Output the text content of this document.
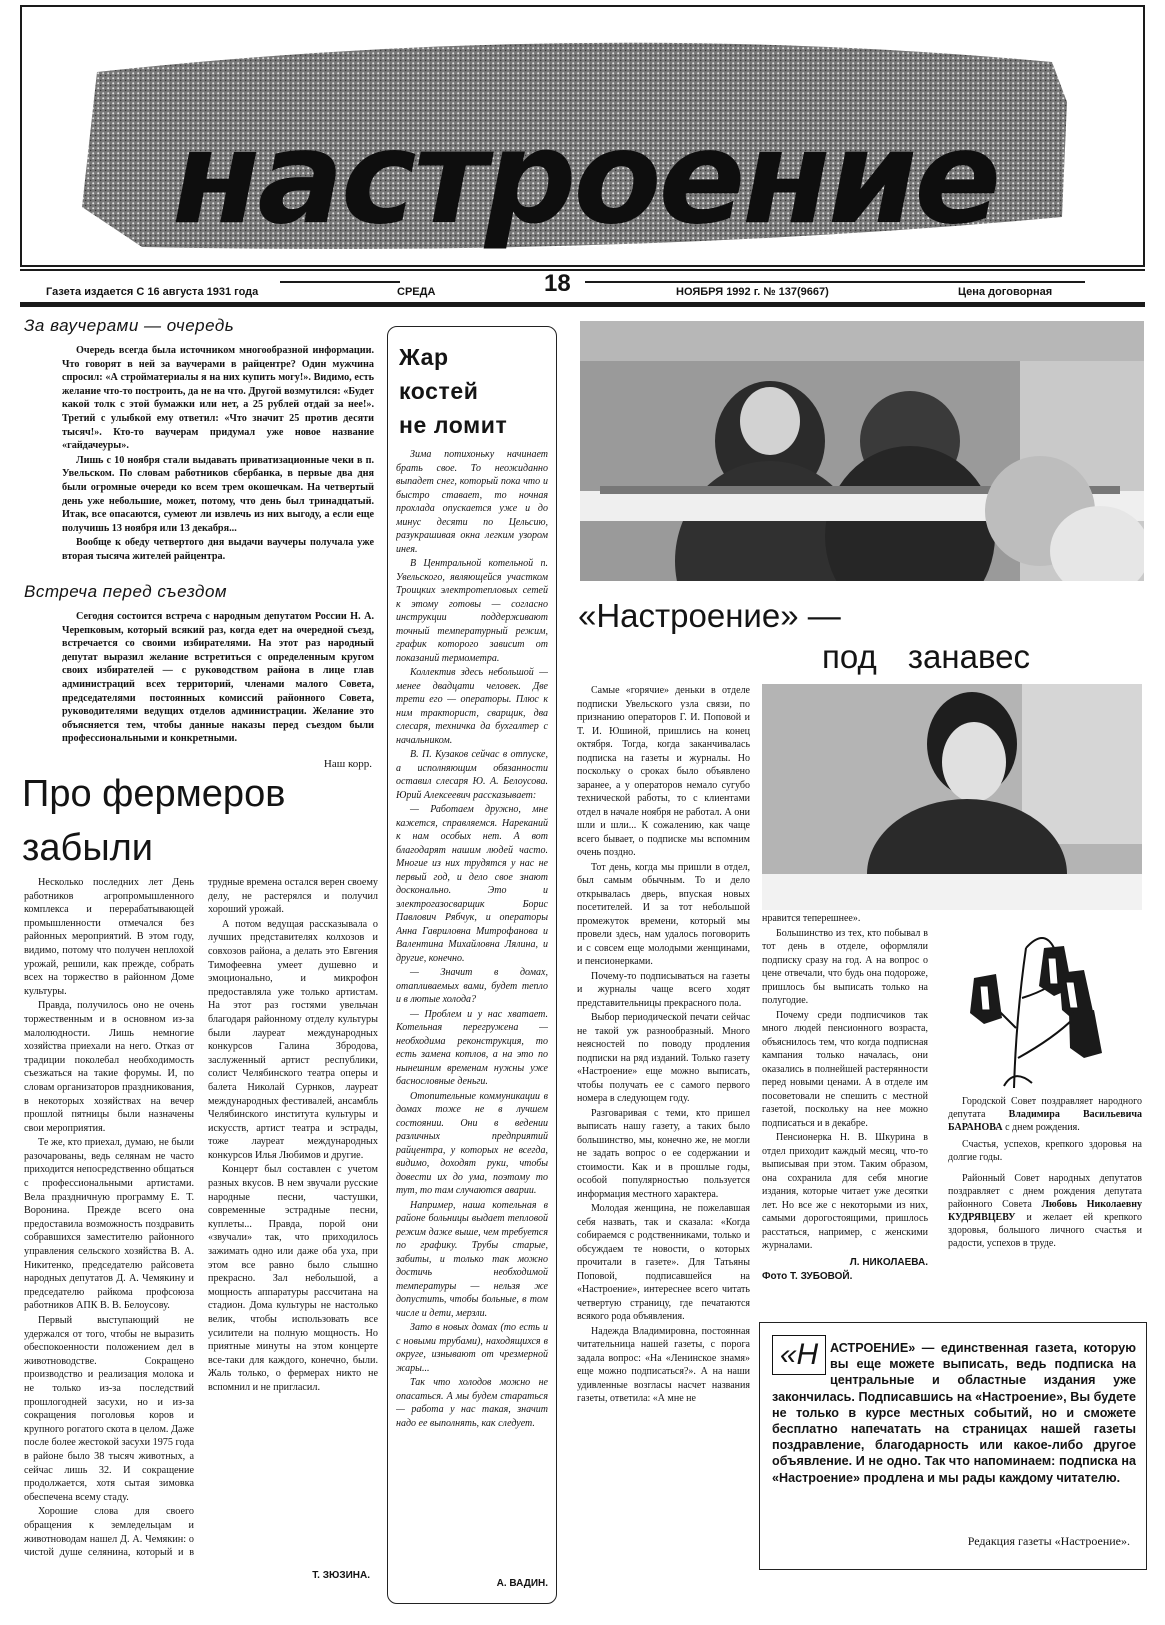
настроение
Газета издается С 16 августа 1931 года	СРЕДА	18	НОЯБРЯ 1992 г. № 137(9667)	Цена договорная
За ваучерами — очередь

Очередь всегда была источником многообразной информации. Что говорят в ней за ваучерами в райцентре? Один мужчина спросил: «А стройматериалы я на них купить могу!». Видимо, есть желание что-то построить, да не на что. Другой возмутился: «Будет какой толк с этой бумажки или нет, а 25 рублей отдай за нее!». Третий с улыбкой ему ответил: «Что значит 25 против десяти тысяч!». Кто-то ваучерам придумал уже новое название «гайдачеуры».

Лишь с 10 ноября стали выдавать приватизационные чеки в п. Увельском. По словам работников сбербанка, в первые два дня были огромные очереди ко всем трем окошечкам. На четвертый день уже небольшие, может, потому, что день был тринадцатый. Итак, все опасаются, сумеют ли извлечь из них выгоду, а если еще получишь 13 ноября или 13 декабря...

Вообще к обеду четвертого дня выдачи ваучеры получала уже вторая тысяча жителей райцентра.

Встреча перед съездом

Сегодня состоится встреча с народным депутатом России Н. А. Черепковым, который всякий раз, когда едет на очередной съезд, встречается со своими избирателями. На этот раз народный депутат выразил желание встретиться с определенным кругом своих избирателей — с руководством района в лице глав администраций всех территорий, членами малого Совета, председателями постоянных комиссий районного Совета, руководителями ведущих отделов администрации. Желание это объясняется тем, чтобы данные наказы перед съездом были профессиональными и конкретными.

Наш корр.
Про фермеров
забыли

Несколько последних лет День работников агропромышленного комплекса и перерабатывающей промышленности отмечался без районных мероприятий. В этом году, видимо, потому что получен неплохой урожай, решили, как прежде, собрать всех на торжество в районном Доме культуры.

Правда, получилось оно не очень торжественным и в основном из-за малолюдности. Лишь немногие хозяйства приехали на него. Отказ от традиции поколебал необходимость съезжаться на такие форумы. И, по словам организаторов праздникования, в некоторых хозяйствах на вечер прошлой пятницы были назначены свои мероприятия.

Те же, кто приехал, думаю, не были разочарованы, ведь селянам не часто приходится непосредственно общаться с профессиональными артистами. Вела праздничную программу Е. Т. Воронина. Прежде всего она предоставила возможность поздравить собравшихся заместителю районного управления сельского хозяйства В. А. Никитенко, председателю райсовета народных депутатов Д. А. Чемякину и председателю райкома профсоюза работников АПК В. В. Белоусову.

Первый выступающий не удержался от того, чтобы не выразить обеспокоенности положением дел в животноводстве. Сокращено производство и реализация молока и не только из-за последствий прошлогодней засухи, но и из-за сокращения поголовья коров и крупного рогатого скота в целом. Даже после более жестокой засухи 1975 года в районе было 38 тысяч животных, а сейчас лишь 32. И сокращение продолжается, хотя сытая зимовка обеспечена всему стаду.

Хорошие слова для своего обращения к земледельцам и животноводам нашел Д. А. Чемякин: о чистой душе селянина, который и в трудные времена остался верен своему делу, не растерялся и получил хороший урожай.

А потом ведущая рассказывала о лучших представителях колхозов и совхозов района, а делать это Евгения Тимофеевна умеет душевно и эмоционально, и микрофон предоставляла уже только артистам. На этот раз гостями увельчан благодаря районному отделу культуры были лауреат международных конкурсов Галина Збродова, заслуженный артист республики, солист Челябинского театра оперы и балета Николай Сурнков, лауреат международных фестивалей, ансамбль Челябинского института культуры и искусств, артист театра и эстрады, тоже лауреат международных конкурсов Илья Любимов и другие.

Концерт был составлен с учетом разных вкусов. В нем звучали русские народные песни, частушки, современные эстрадные песни, куплеты... Правда, порой они «звучали» так, что приходилось зажимать одно или даже оба уха, при этом все равно было слышно прекрасно. Зал небольшой, а мощность аппаратуры рассчитана на стадион. Дома культуры не настолько велик, чтобы использовать все усилители на полную мощность. Но приятные минуты на этом концерте все-таки для каждого, конечно, были. Жаль только, о фермерах никто не вспомнил и не пригласил.

Т. ЗЮЗИНА.
Жар
костей
не ломит

Зима потихоньку начинает брать свое. То неожиданно выпадет снег, который пока что и быстро ставает, то ночная прохлада опускается уже и до минус десяти по Цельсию, разукрашивая окна легким узором инея.

В Центральной котельной п. Увельского, являющейся участком Троицких электротепловых сетей к этому готовы — согласно инструкции поддерживают точный температурный режим, график которого зависит от показаний термометра.

Коллектив здесь небольшой — менее двадцати человек. Две трети его — операторы. Плюс к ним тракторист, сварщик, два слесаря, техничка да бухгалтер с начальником.

В. П. Кузаков сейчас в отпуске, а исполняющим обязанности оставил слесаря Ю. А. Белоусова. Юрий Алексеевич рассказывает:

— Работаем дружно, мне кажется, справляемся. Нареканий к нам особых нет. А вот благодарят нашим людей часто. Многие из них трудятся у нас не первый год, и дело свое знают досконально. Это и электрогазосварщик Борис Павлович Рябчук, и операторы Анна Гавриловна Митрофанова и Валентина Михайловна Лялина, и другие, конечно.

— Значит в домах, отапливаемых вами, будет тепло и в лютые холода?

— Проблем и у нас хватает. Котельная перегружена — необходима реконструкция, то есть замена котлов, а на это по нынешним временам нужны уже баснословные деньги.

Отопительные коммуникации в домах тоже не в лучшем состоянии. Они в ведении различных предприятий райцентра, у которых не всегда, видимо, доходят руки, чтобы довести их до ума, поэтому то тут, то там случаются аварии.

Например, наша котельная в районе больницы выдает тепловой режим даже выше, чем требуется по графику. Трубы старые, забиты, и только так можно достичь необходимой температуры — нельзя же допустить, чтобы больные, в том числе и дети, мерзли.

Зато в новых домах (то есть и с новыми трубами), находящихся в округе, изнывают от чрезмерной жары...

Так что холодов можно не опасаться. А мы будем стараться — работа у нас такая, значит надо ее выполнять, как следует.

А. ВАДИН.
«Настроение» —
под занавес

Самые «горячие» деньки в отделе подписки Увельского узла связи, по признанию операторов Г. И. Поповой и Т. И. Юшиной, пришлись на конец октября. Тогда, когда заканчивалась подписка на газеты и журналы. Но поскольку о сроках было объявлено заранее, а у операторов немало сугубо технической работы, то с клиентами отдел в начале ноября не работал. А они шли и шли... К сожалению, как чаще всего бывает, о подписке мы вспомним очень поздно.

Тот день, когда мы пришли в отдел, был самым обычным. То и дело открывалась дверь, впуская новых посетителей. И за тот небольшой промежуток времени, который мы провели здесь, нам удалось поговорить и с совсем еще молодыми женщинами, и пенсионерками.

Почему-то подписываться на газеты и журналы чаще всего ходят представительницы прекрасного пола.

Выбор периодической печати сейчас не такой уж разнообразный. Много неясностей по поводу продления подписки на ряд изданий. Только газету «Настроение» еще можно выписать, чтобы получать ее с самого первого номера в следующем году.

Разговаривая с теми, кто пришел выписать нашу газету, а таких было большинство, мы, конечно же, не могли не задать вопрос о ее содержании и стоимости. Как и в прошлые годы, особой популярностью пользуется информация местного характера.

Молодая женщина, не пожелавшая себя назвать, так и сказала: «Когда собираемся с родственниками, только и обсуждаем те новости, о которых прочитали в газете». Для Татьяны Поповой, подписавшейся на «Настроение», интереснее всего читать четвертую страницу, где печатаются всякого рода объявления.

Надежда Владимировна, постоянная читательница нашей газеты, с порога задала вопрос: «На «Ленинское знамя» еще можно подписаться?». А на наши удивленные возгласы насчет названия газеты, ответила: «А мне не

нравится теперешнее».

Большинство из тех, кто побывал в тот день в отделе, оформляли подписку сразу на год. А на вопрос о цене отвечали, что будь она подороже, пришлось бы выписать только на полугодие.

Почему среди подписчиков так много людей пенсионного возраста, объяснилось тем, что когда подписная кампания только началась, они оказались в полнейшей растерянности перед новыми ценами. А в отделе им посоветовали не спешить с местной газетой, поскольку на нее можно подписаться и в декабре.

Пенсионерка Н. В. Шкурина в отдел приходит каждый месяц, что-то выписывая при этом. Таким образом, она сохранила для себя многие издания, которые читает уже десятки лет. Но все же с некоторыми из них, самыми дорогостоящими, пришлось расстаться, например, с женскими журналами.

Л. НИКОЛАЕВА.

Фото Т. ЗУБОВОЙ.

Городской Совет поздравляет народного депутата Владимира Васильевича БАРАНОВА с днем рождения.

Счастья, успехов, крепкого здоровья на долгие годы.

Районный Совет народных депутатов поздравляет с днем рождения депутата районного Совета Любовь Николаевну КУДРЯВЦЕВУ и желает ей крепкого здоровья, большого личного счастья и радости, успехов в труде.

«Н АСТРОЕНИЕ» — единственная газета, которую вы еще можете выписать, ведь подписка на центральные и областные издания уже закончилась. Подписавшись на «Настроение», Вы будете не только в курсе местных событий, но и сможете бесплатно напечатать на страницах нашей газеты поздравление, благодарность или какое-либо другое объявление. И не одно. Так что напоминаем: подписка на «Настроение» продлена и мы рады каждому читателю.
Редакция газеты «Настроение».
